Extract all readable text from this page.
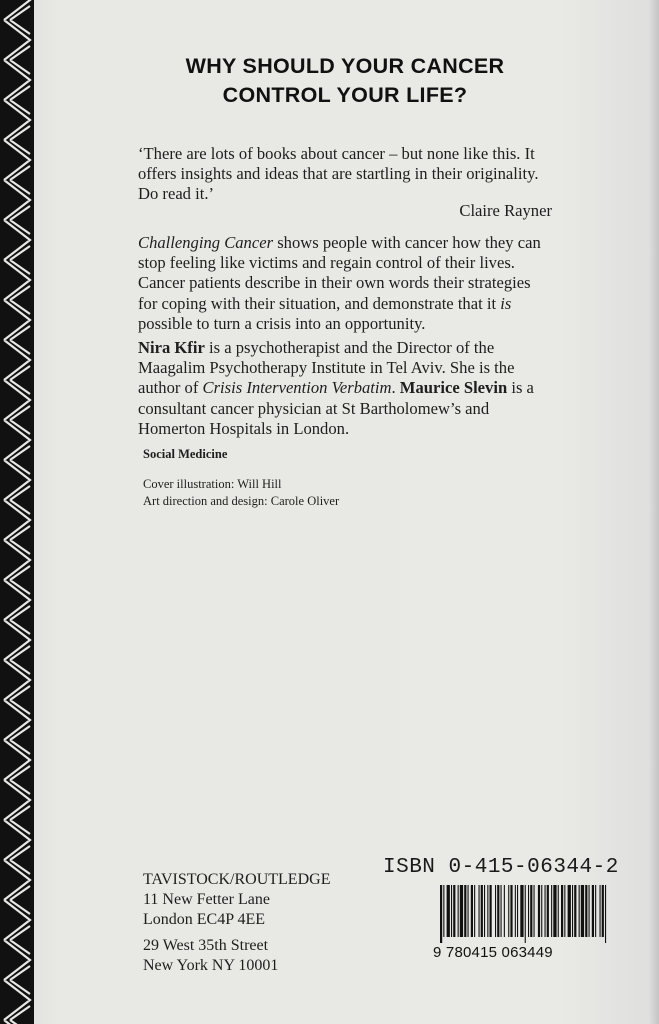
WHY SHOULD YOUR CANCER
CONTROL YOUR LIFE?
‘There are lots of books about cancer – but none like this. It
offers insights and ideas that are startling in their originality.
Do read it.’
Claire Rayner
Challenging Cancer shows people with cancer how they can
stop feeling like victims and regain control of their lives.
Cancer patients describe in their own words their strategies
for coping with their situation, and demonstrate that it is
possible to turn a crisis into an opportunity.
Nira Kfir is a psychotherapist and the Director of the
Maagalim Psychotherapy Institute in Tel Aviv. She is the
author of Crisis Intervention Verbatim. Maurice Slevin is a
consultant cancer physician at St Bartholomew’s and
Homerton Hospitals in London.
Social Medicine
Cover illustration: Will Hill
Art direction and design: Carole Oliver
TAVISTOCK/ROUTLEDGE
11 New Fetter Lane
London EC4P 4EE
29 West 35th Street
New York NY 10001
ISBN 0-415-06344-2
9 780415 063449
